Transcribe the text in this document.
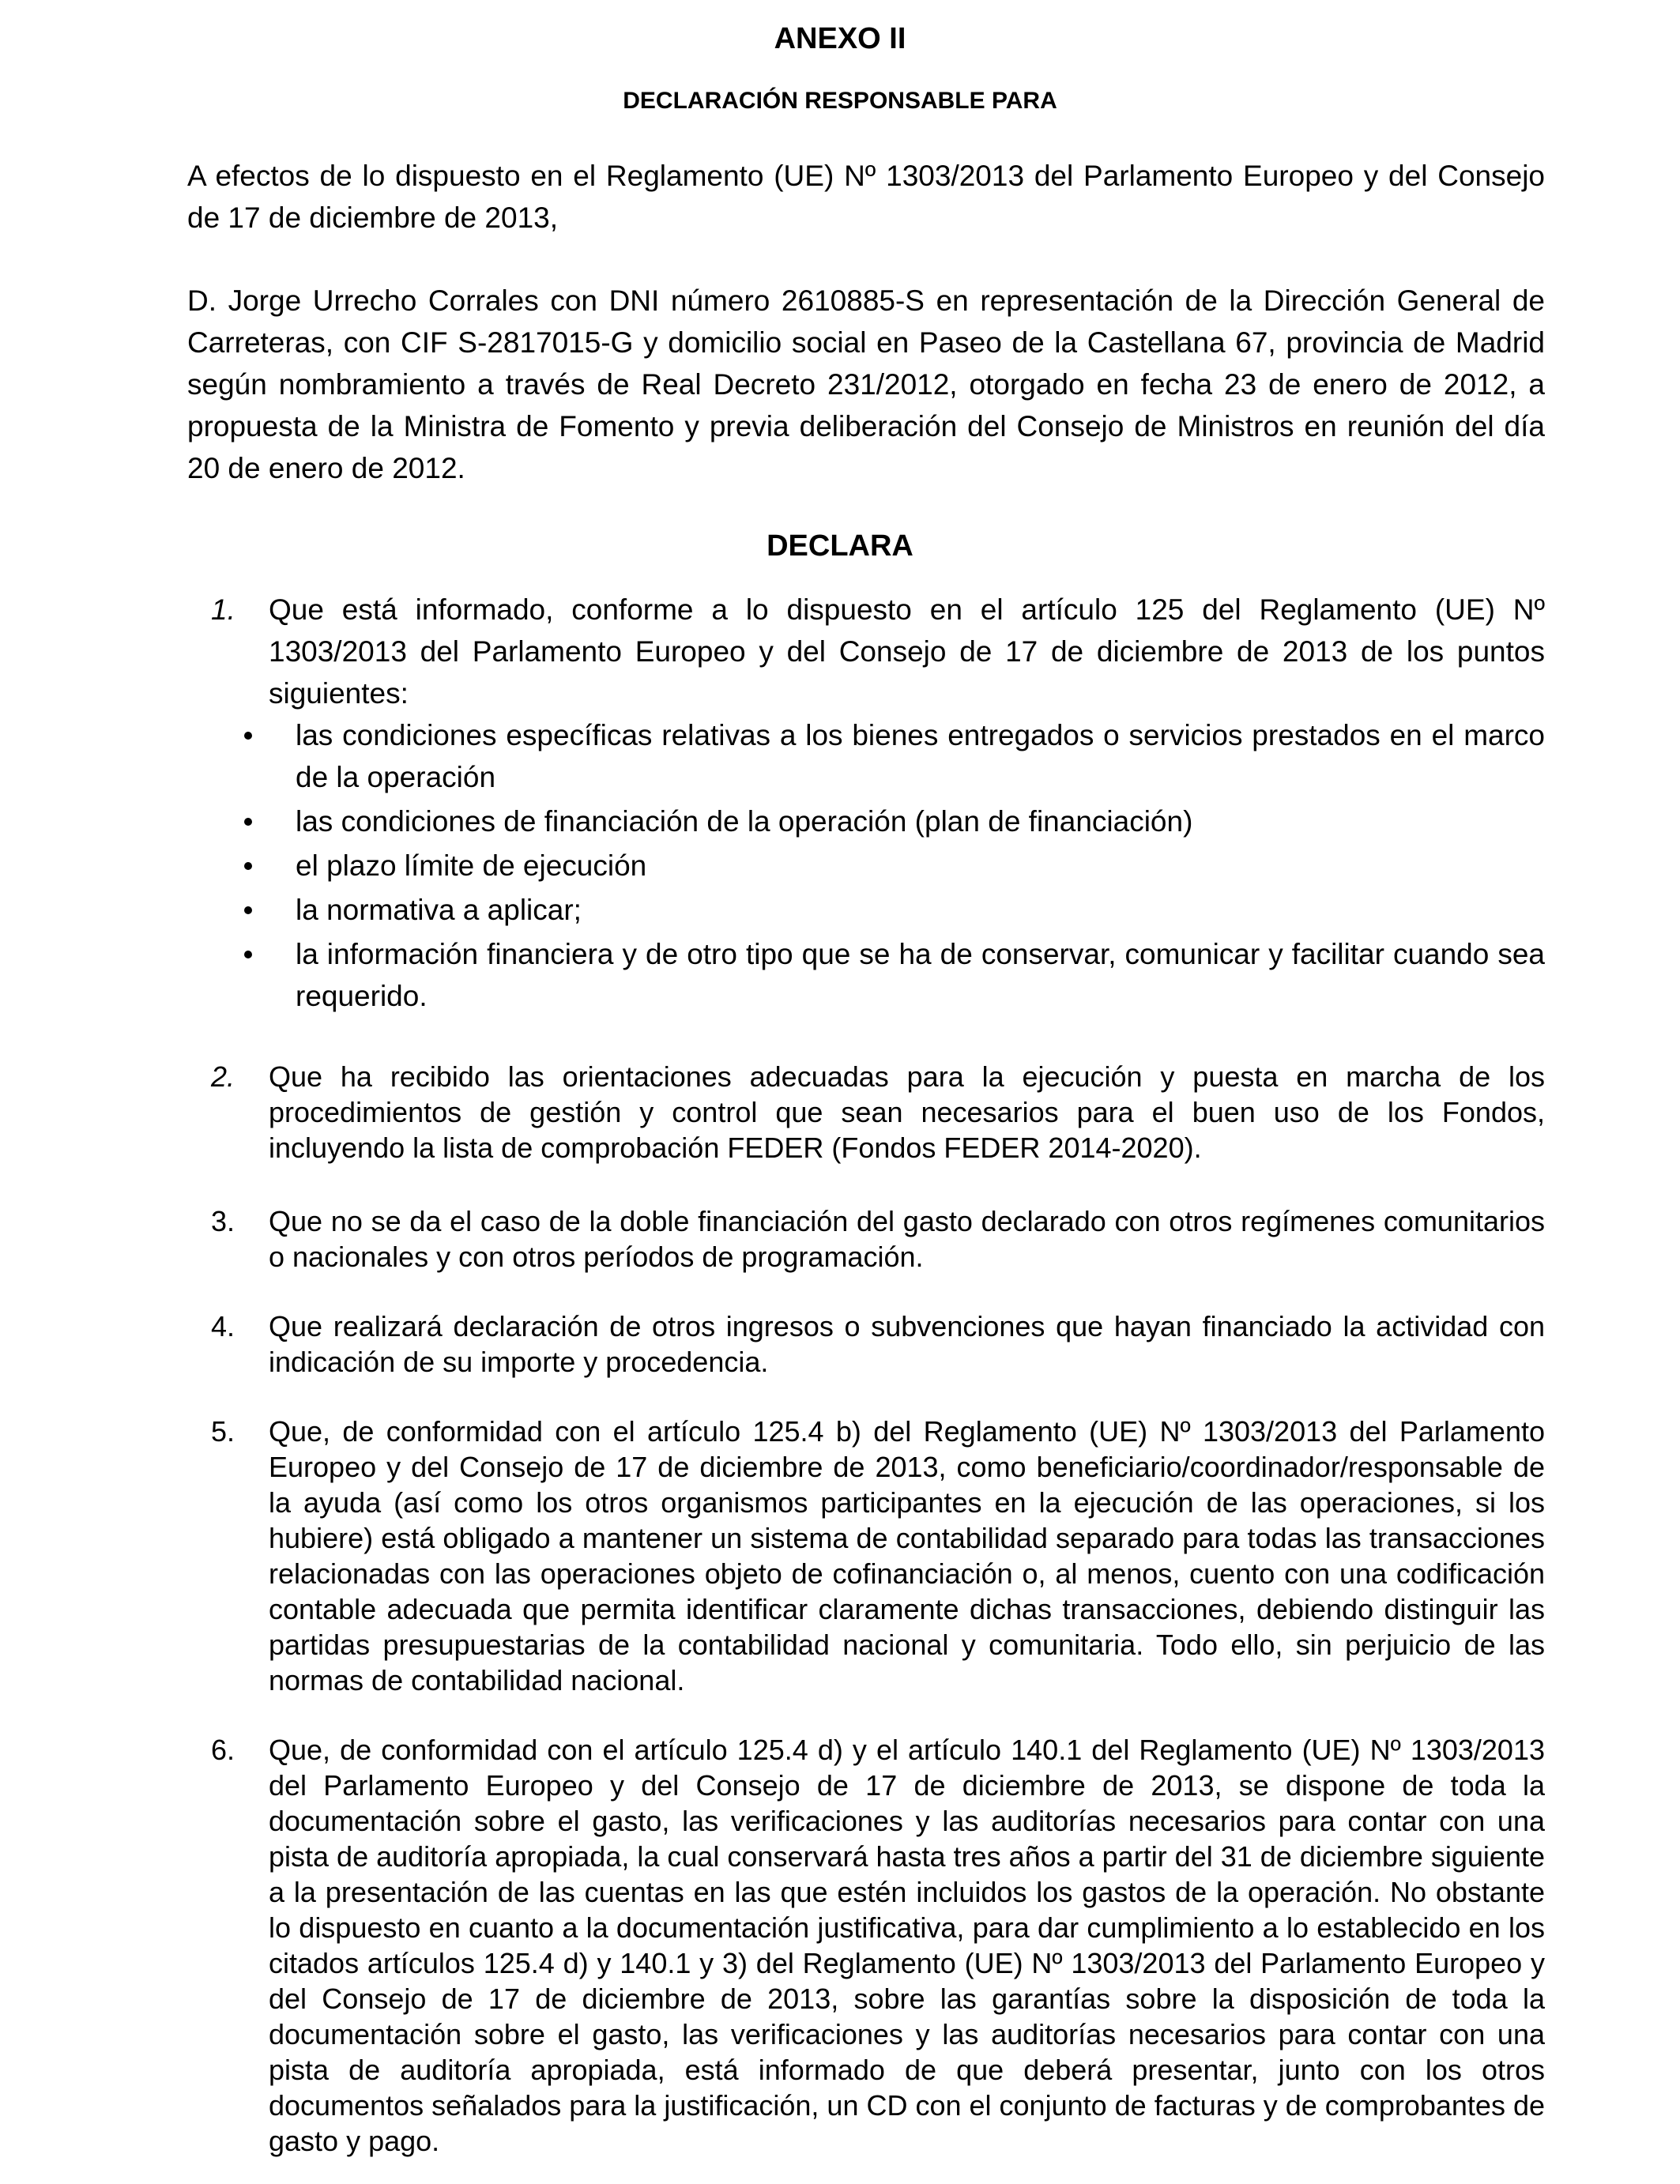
ANEXO II
DECLARACIÓN RESPONSABLE PARA

A efectos de lo dispuesto en el Reglamento (UE) Nº 1303/2013 del Parlamento Europeo y del Consejo de 17 de diciembre de 2013,

D. Jorge Urrecho Corrales con DNI número 2610885-S en representación de la Dirección General de Carreteras, con CIF S-2817015-G y domicilio social en Paseo de la Castellana 67, provincia de Madrid según nombramiento a través de Real Decreto 231/2012, otorgado en fecha 23 de enero de 2012, a propuesta de la Ministra de Fomento y previa deliberación del Consejo de Ministros en reunión del día 20 de enero de 2012.

DECLARA
1.	Que está informado, conforme a lo dispuesto en el artículo 125 del Reglamento (UE) Nº 1303/2013 del Parlamento Europeo y del Consejo de 17 de diciembre de 2013 de los puntos siguientes:
las condiciones específicas relativas a los bienes entregados o servicios prestados en el marco de la operación
las condiciones de financiación de la operación (plan de financiación)
el plazo límite de ejecución
la normativa a aplicar;
la información financiera y de otro tipo que se ha de conservar, comunicar y facilitar cuando sea requerido.
2.	Que ha recibido las orientaciones adecuadas para la ejecución y puesta en marcha de los procedimientos de gestión y control que sean necesarios para el buen uso de los Fondos, incluyendo la lista de comprobación FEDER (Fondos FEDER 2014-2020).
3.	Que no se da el caso de la doble financiación del gasto declarado con otros regímenes comunitarios o nacionales y con otros períodos de programación.
4.	Que realizará declaración de otros ingresos o subvenciones que hayan financiado la actividad con indicación de su importe y procedencia.
5.	Que, de conformidad con el artículo 125.4 b) del Reglamento (UE) Nº 1303/2013 del Parlamento Europeo y del Consejo de 17 de diciembre de 2013, como beneficiario/coordinador/responsable de la ayuda (así como los otros organismos participantes en la ejecución de las operaciones, si los hubiere) está obligado a mantener un sistema de contabilidad separado para todas las transacciones relacionadas con las operaciones objeto de cofinanciación o, al menos, cuento con una codificación contable adecuada que permita identificar claramente dichas transacciones, debiendo distinguir las partidas presupuestarias de la contabilidad nacional y comunitaria. Todo ello, sin perjuicio de las normas de contabilidad nacional.
6.	Que, de conformidad con el artículo 125.4 d) y el artículo 140.1 del Reglamento (UE) Nº 1303/2013 del Parlamento Europeo y del Consejo de 17 de diciembre de 2013, se dispone de toda la documentación sobre el gasto, las verificaciones y las auditorías necesarios para contar con una pista de auditoría apropiada, la cual conservará hasta tres años a partir del 31 de diciembre siguiente a la presentación de las cuentas en las que estén incluidos los gastos de la operación. No obstante lo dispuesto en cuanto a la documentación justificativa, para dar cumplimiento a lo establecido en los citados artículos 125.4 d) y 140.1 y 3) del Reglamento (UE) Nº 1303/2013 del Parlamento Europeo y del Consejo de 17 de diciembre de 2013, sobre las garantías sobre la disposición de toda la documentación sobre el gasto, las verificaciones y las auditorías necesarios para contar con una pista de auditoría apropiada, está informado de que deberá presentar, junto con los otros documentos señalados para la justificación, un CD con el conjunto de facturas y de comprobantes de gasto y pago.
